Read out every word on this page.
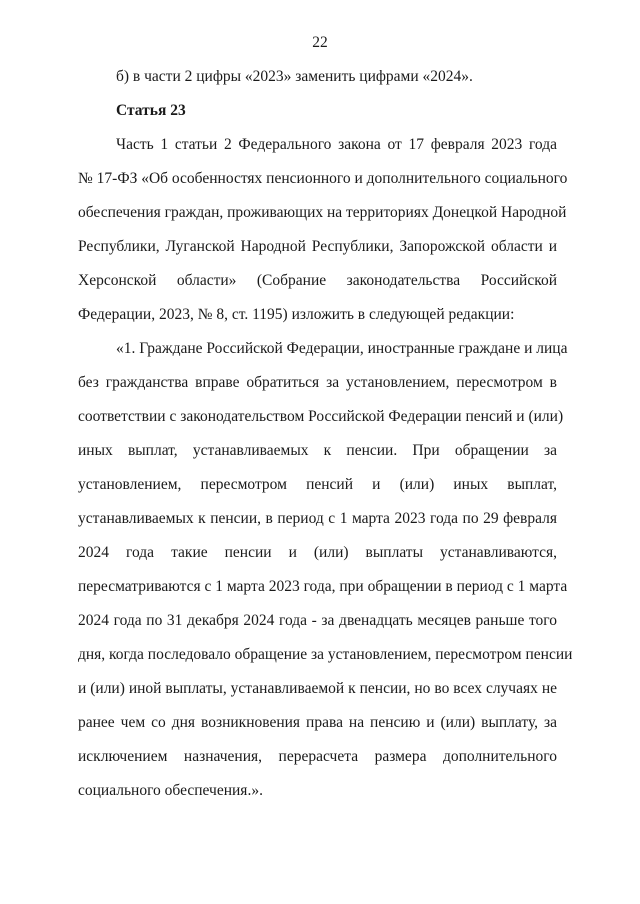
22
б) в части 2 цифры «2023» заменить цифрами «2024».
Статья 23
Часть 1 статьи 2 Федерального закона от 17 февраля 2023 года
№ 17-ФЗ «Об особенностях пенсионного и дополнительного социального
обеспечения граждан, проживающих на территориях Донецкой Народной
Республики, Луганской Народной Республики, Запорожской области и
Херсонской области» (Собрание законодательства Российской
Федерации, 2023, № 8, ст. 1195) изложить в следующей редакции:
«1. Граждане Российской Федерации, иностранные граждане и лица
без гражданства вправе обратиться за установлением, пересмотром в
соответствии с законодательством Российской Федерации пенсий и (или)
иных выплат, устанавливаемых к пенсии. При обращении за
установлением, пересмотром пенсий и (или) иных выплат,
устанавливаемых к пенсии, в период с 1 марта 2023 года по 29 февраля
2024 года такие пенсии и (или) выплаты устанавливаются,
пересматриваются с 1 марта 2023 года, при обращении в период с 1 марта
2024 года по 31 декабря 2024 года - за двенадцать месяцев раньше того
дня, когда последовало обращение за установлением, пересмотром пенсии
и (или) иной выплаты, устанавливаемой к пенсии, но во всех случаях не
ранее чем со дня возникновения права на пенсию и (или) выплату, за
исключением назначения, перерасчета размера дополнительного
социального обеспечения.».
